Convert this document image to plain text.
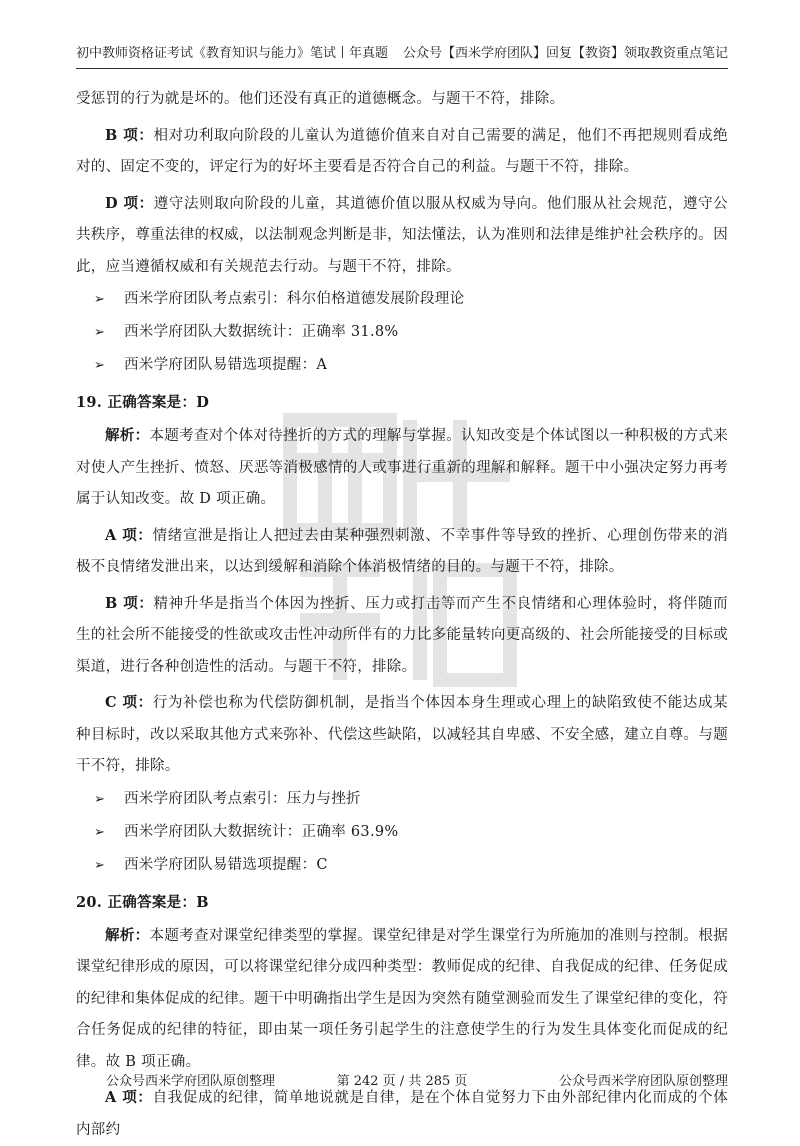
初中教师资格证考试《教育知识与能力》笔试丨年真题 公众号【西米学府团队】回复【教资】领取教资重点笔记

受惩罚的行为就是坏的。他们还没有真正的道德概念。与题干不符，排除。

B 项：相对功利取向阶段的儿童认为道德价值来自对自己需要的满足，他们不再把规则看成绝对的、固定不变的，评定行为的好坏主要看是否符合自己的利益。与题干不符，排除。

D 项：遵守法则取向阶段的儿童，其道德价值以服从权威为导向。他们服从社会规范，遵守公共秩序，尊重法律的权威，以法制观念判断是非，知法懂法，认为准则和法律是维护社会秩序的。因此，应当遵循权威和有关规范去行动。与题干不符，排除。

➢ 西米学府团队考点索引：科尔伯格道德发展阶段理论

➢ 西米学府团队大数据统计：正确率 31.8%

➢ 西米学府团队易错选项提醒：A

19. 正确答案是：D

解析：本题考查对个体对待挫折的方式的理解与掌握。认知改变是个体试图以一种积极的方式来对使人产生挫折、愤怒、厌恶等消极感情的人或事进行重新的理解和解释。题干中小强决定努力再考属于认知改变。故 D 项正确。

A 项：情绪宣泄是指让人把过去由某种强烈刺激、不幸事件等导致的挫折、心理创伤带来的消极不良情绪发泄出来，以达到缓解和消除个体消极情绪的目的。与题干不符，排除。

B 项：精神升华是指当个体因为挫折、压力或打击等而产生不良情绪和心理体验时，将伴随而生的社会所不能接受的性欲或攻击性冲动所伴有的力比多能量转向更高级的、社会所能接受的目标或渠道，进行各种创造性的活动。与题干不符，排除。

C 项：行为补偿也称为代偿防御机制，是指当个体因本身生理或心理上的缺陷致使不能达成某种目标时，改以采取其他方式来弥补、代偿这些缺陷，以减轻其自卑感、不安全感，建立自尊。与题干不符，排除。

➢ 西米学府团队考点索引：压力与挫折

➢ 西米学府团队大数据统计：正确率 63.9%

➢ 西米学府团队易错选项提醒：C

20. 正确答案是：B

解析：本题考查对课堂纪律类型的掌握。课堂纪律是对学生课堂行为所施加的准则与控制。根据课堂纪律形成的原因，可以将课堂纪律分成四种类型：教师促成的纪律、自我促成的纪律、任务促成的纪律和集体促成的纪律。题干中明确指出学生是因为突然有随堂测验而发生了课堂纪律的变化，符合任务促成的纪律的特征，即由某一项任务引起学生的注意使学生的行为发生具体变化而促成的纪律。故 B 项正确。

A 项：自我促成的纪律，简单地说就是自律，是在个体自觉努力下由外部纪律内化而成的个体内部约

公众号西米学府团队原创整理	第 242 页 / 共 285 页	公众号西米学府团队原创整理
